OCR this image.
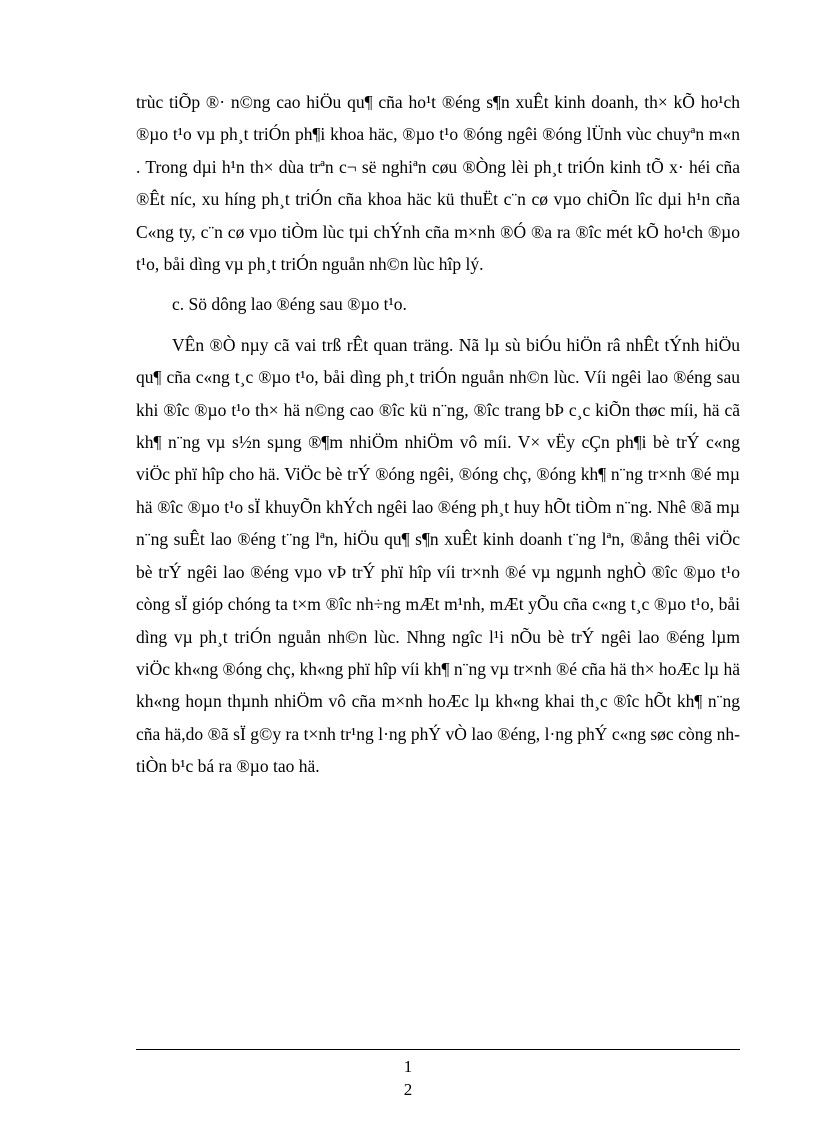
trùc tiÕp ®· n©ng cao hiÖu qu¶ cña ho¹t ®éng s¶n xuÊt kinh doanh, th× kÕ ho¹ch ®µo t¹o vµ ph¸t triÓn ph¶i khoa häc, ®µo t¹o ®óng ngêi ®óng lÜnh vùc chuyªn m«n . Trong dµi h¹n th× dùa trªn c¬ së nghiªn cøu ®Òng lèi ph¸t triÓn kinh tÕ x· héi cña ®Êt níc, xu híng ph¸t triÓn cña khoa häc kü thuËt c¨n cø vµo chiÕn lîc dµi h¹n cña C«ng ty, c¨n cø vµo tiÒm lùc tµi chÝnh cña m×nh ®Ó ®a ra ®îc mét kÕ ho¹ch ®µo t¹o, båi dìng vµ ph¸t triÓn nguån nh©n lùc hîp lý.

c. Sö dông lao ®éng sau ®µo t¹o.

VÊn ®Ò nµy cã vai trß rÊt quan träng. Nã lµ sù biÓu hiÖn râ nhÊt tÝnh hiÖu qu¶ cña c«ng t¸c ®µo t¹o, båi dìng ph¸t triÓn nguån nh©n lùc. Víi ngêi lao ®éng sau khi ®îc ®µo t¹o th× hä n©ng cao ®îc kü n¨ng, ®îc trang bÞ c¸c kiÕn thøc míi, hä cã kh¶ n¨ng vµ s½n sµng ®¶m nhiÖm nhiÖm vô míi. V× vËy cÇn ph¶i bè trÝ c«ng viÖc phï hîp cho hä. ViÖc bè trÝ ®óng ngêi, ®óng chç, ®óng kh¶ n¨ng tr×nh ®é mµ hä ®îc ®µo t¹o sÏ khuyÕn khÝch ngêi lao ®éng ph¸t huy hÕt tiÒm n¨ng. Nhê ®ã mµ n¨ng suÊt lao ®éng t¨ng lªn, hiÖu qu¶ s¶n xuÊt kinh doanh t¨ng lªn, ®ång thêi viÖc bè trÝ ngêi lao ®éng vµo vÞ trÝ phï hîp víi tr×nh ®é vµ ngµnh nghÒ ®îc ®µo t¹o còng sÏ gióp chóng ta t×m ®îc nh÷ng mÆt m¹nh, mÆt yÕu cña c«ng t¸c ®µo t¹o, båi dìng vµ ph¸t triÓn nguån nh©n lùc. Nhng ngîc l¹i nÕu bè trÝ ngêi lao ®éng lµm viÖc kh«ng ®óng chç, kh«ng phï hîp víi kh¶ n¨ng vµ tr×nh ®é cña hä th× hoÆc lµ hä kh«ng hoµn thµnh nhiÖm vô cña m×nh hoÆc lµ kh«ng khai th¸c ®îc hÕt kh¶ n¨ng cña hä,do ®ã sÏ g©y ra t×nh tr¹ng l·ng phÝ vÒ lao ®éng, l·ng phÝ c«ng søc còng nh tiÒn b¹c bá ra ®µo tao hä.

1
2
